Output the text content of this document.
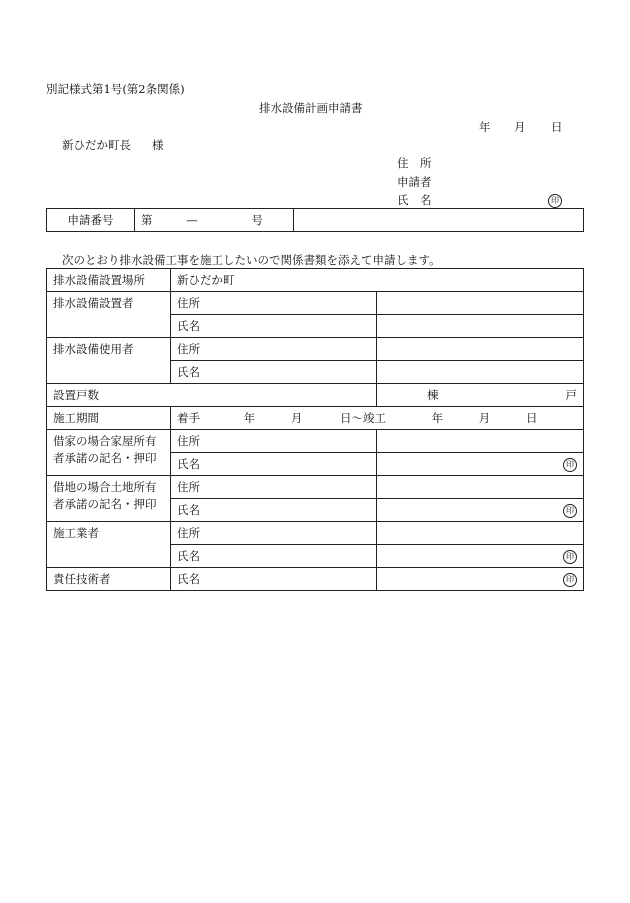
別記様式第1号(第2条関係)
排水設備計画申請書
年 月 日
新ひだか町長 様
住　所
申請者
氏　名	印
申請番号	第	—	号	
次のとおり排水設備工事を施工したいので関係書類を添えて申請します。
排水設備設置場所	新ひだか町	
排水設備設置者	住所	
	氏名	
排水設備使用者	住所	
	氏名	
設置戸数		棟 戸

施工期間	着手 年 月 日～竣工 年 月 日	

借家の場合家屋所有
者承諾の記名・押印	住所	
	氏名	印

借地の場合土地所有
者承諾の記名・押印	住所	
	氏名	印

施工業者	住所	
	氏名	印

責任技術者	氏名	印
